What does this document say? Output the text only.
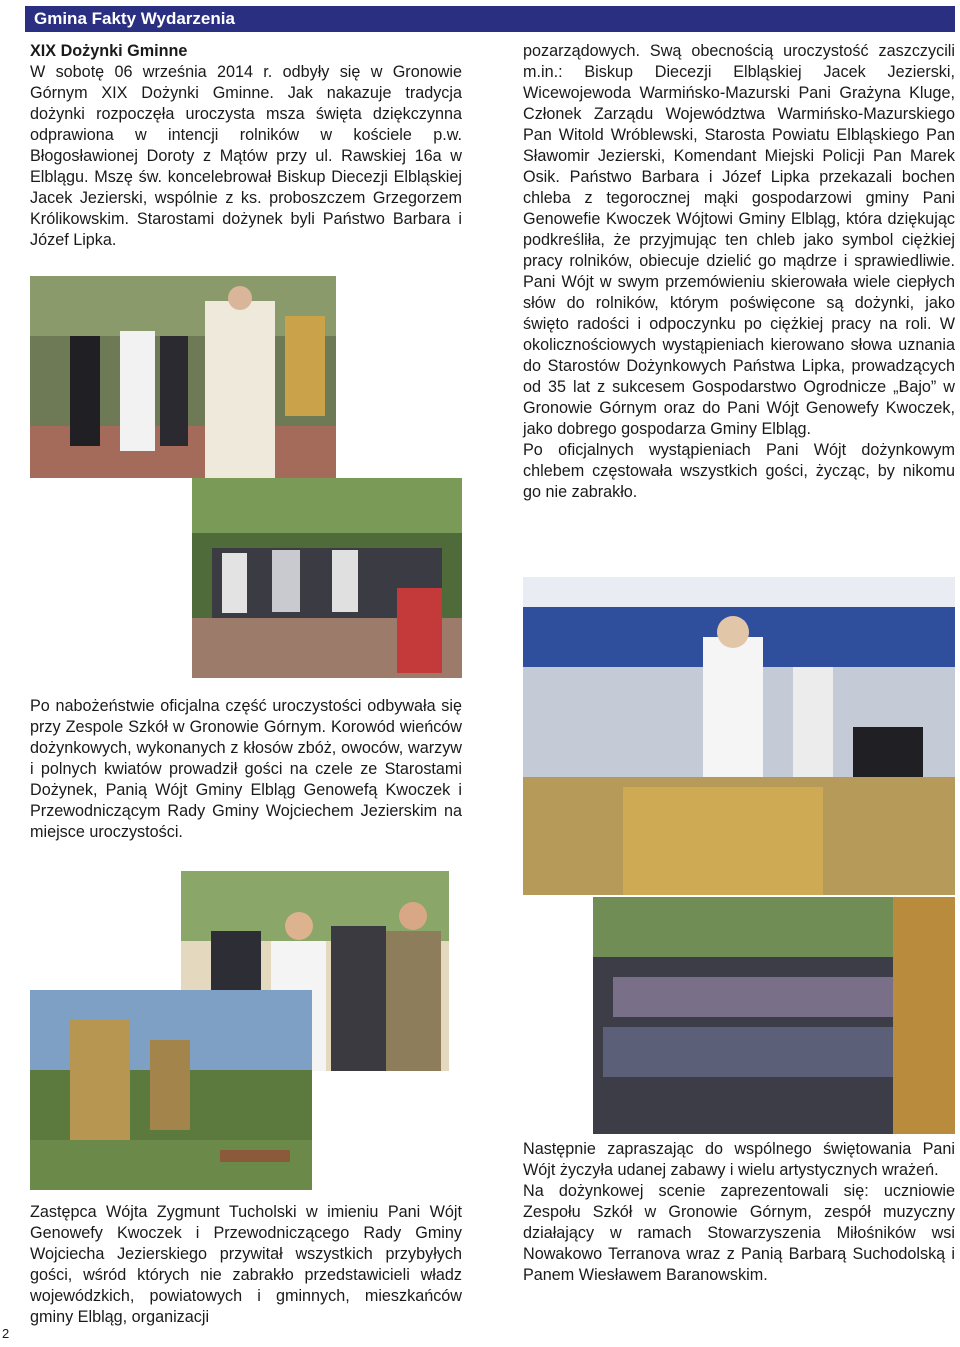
Gmina Fakty Wydarzenia

XIX Dożynki Gminne

W sobotę 06 września 2014 r. odbyły się w Gronowie Górnym XIX Dożynki Gminne. Jak nakazuje tradycja dożynki rozpoczęła uroczysta msza święta dziękczynna odprawiona w intencji rolników w kościele p.w. Błogosławionej Doroty z Mątów przy ul. Rawskiej 16a w Elblągu. Mszę św. koncelebrował Biskup Diecezji Elbląskiej Jacek Jezierski, wspólnie z ks. proboszczem Grzegorzem Królikowskim. Starostami dożynek byli Państwo Barbara i Józef Lipka.

Po nabożeństwie oficjalna część uroczystości odbywała się przy Zespole Szkół w Gronowie Górnym. Korowód wieńców dożynkowych, wykonanych z kłosów zbóż, owoców, warzyw i polnych kwiatów prowadził gości na czele ze Starostami Dożynek, Panią Wójt Gminy Elbląg Genowefą Kwoczek i Przewodniczącym Rady Gminy Wojciechem Jezierskim na miejsce uroczystości.

Zastępca Wójta Zygmunt Tucholski w imieniu Pani Wójt Genowefy Kwoczek i Przewodniczącego Rady Gminy Wojciecha Jezierskiego przywitał wszystkich przybyłych gości, wśród których nie zabrakło przedstawicieli władz wojewódzkich, powiatowych i gminnych, mieszkańców gminy Elbląg, organizacji

pozarządowych. Swą obecnością uroczystość zaszczycili m.in.: Biskup Diecezji Elbląskiej Jacek Jezierski, Wicewojewoda Warmińsko-Mazurski Pani Grażyna Kluge, Członek Zarządu Województwa Warmińsko-Mazurskiego Pan Witold Wróblewski, Starosta Powiatu Elbląskiego Pan Sławomir Jezierski, Komendant Miejski Policji Pan Marek Osik. Państwo Barbara i Józef Lipka przekazali bochen chleba z tegorocznej mąki gospodarzowi gminy Pani Genowefie Kwoczek Wójtowi Gminy Elbląg, która dziękując podkreśliła, że przyjmując ten chleb jako symbol ciężkiej pracy rolników, obiecuje dzielić go mądrze i sprawiedliwie. Pani Wójt w swym przemówieniu skierowała wiele ciepłych słów do rolników, którym poświęcone są dożynki, jako święto radości i odpoczynku po ciężkiej pracy na roli. W okolicznościowych wystąpieniach kierowano słowa uznania do Starostów Dożynkowych Państwa Lipka, prowadzących od 35 lat z sukcesem Gospodarstwo Ogrodnicze „Bajo” w Gronowie Górnym oraz do Pani Wójt Genowefy Kwoczek, jako dobrego gospodarza Gminy Elbląg.

Po oficjalnych wystąpieniach Pani Wójt dożynkowym chlebem częstowała wszystkich gości, życząc, by nikomu go nie zabrakło.

Następnie zapraszając do wspólnego świętowania Pani Wójt życzyła udanej zabawy i wielu artystycznych wrażeń.

Na dożynkowej scenie zaprezentowali się: uczniowie Zespołu Szkół w Gronowie Górnym, zespół muzyczny działający w ramach Stowarzyszenia Miłośników wsi Nowakowo Terranova wraz z Panią Barbarą Suchodolską i Panem Wiesławem Baranowskim.

2
